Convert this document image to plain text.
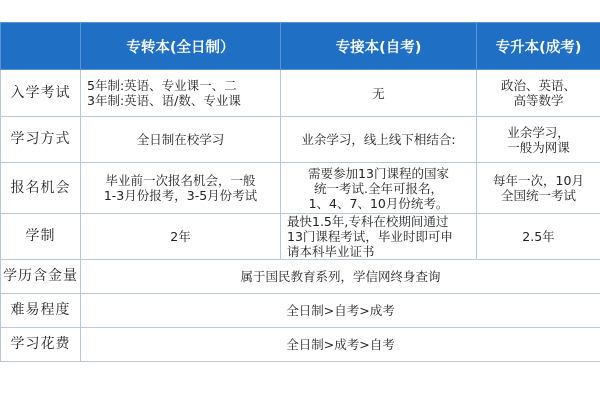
	专转本(全日制）	专接本(自考)	专升本(成考)
入学考试	5年制:英语、专业课一、二
3年制:英语、语/数、专业课	无	政治、英语、
高等数学

学习方式	全日制在校学习	业余学习，线上线下相结合:	业余学习，
一般为网课

报名机会	毕业前一次报名机会，一般
1-3月份报考，3-5月份考试	需要参加13门课程的国家
统一考试.全年可报名，
1、4、7、10月份统考。	每年一次，10月
全国统一考试

学制	2年	最快1.5年,专科在校期间通过
13门课程考试，毕业时即可申
请本科毕业证书	2.5年
学历含金量	属于国民教育系列，学信网终身查询		
难易程度	全日制>自考>成考		
学习花费	全日制>成考>自考		
